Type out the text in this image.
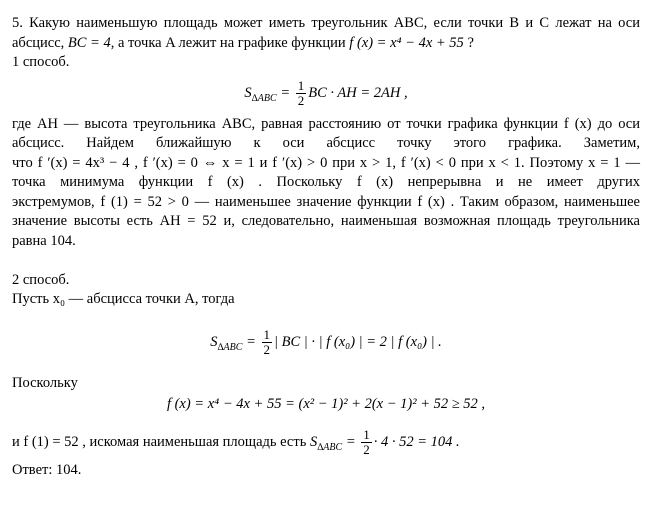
5. Какую наименьшую площадь может иметь треугольник ABC, если точки B и C лежат на оси

абсцисс, BC = 4, а точка A лежит на графике функции f (x) = x⁴ − 4x + 55 ?

1 способ.

$S_{\Delta ABC} = \frac{1}{2}$ BC · AH = 2AH ,

где AH — высота треугольника ABC, равная расстоянию от точки графика функции f (x) до оси

абсцисс. Найдем ближайшую к оси абсцисс точку этого графика. Заметим,

что f ′(x) = 4x³ − 4 , f ′(x) = 0 ⇔ x = 1 и f ′(x) > 0 при x > 1, f ′(x) < 0 при x < 1. Поэтому x = 1 —

точка минимума функции f (x) . Поскольку f (x) непрерывна и не имеет других

экстремумов, f (1) = 52 > 0 — наименьшее значение функции f (x) . Таким образом, наименьшее

значение высоты есть AH = 52 и, следовательно, наименьшая возможная площадь треугольника

равна 104.

2 способ.

Пусть x₀ — абсцисса точки A, тогда

$S_{\Delta ABC} = \frac{1}{2}$ | BC | · | f (x₀) | = 2 | f (x₀) | .

Поскольку

f (x) = x⁴ − 4x + 55 = (x² − 1)² + 2(x − 1)² + 52 ≥ 52 ,

и f (1) = 52 , искомая наименьшая площадь есть $S_{\Delta ABC} = \frac{1}{2} \cdot 4 \cdot 52 = 104$ .

Ответ: 104.
